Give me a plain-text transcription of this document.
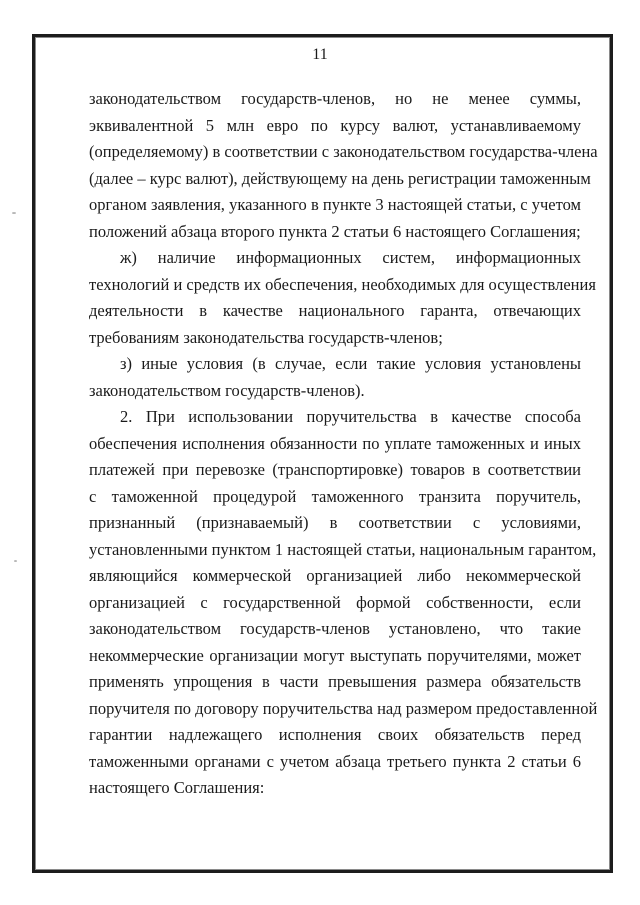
11
законодательством государств-членов, но не менее суммы,
эквивалентной 5 млн евро по курсу валют, устанавливаемому
(определяемому) в соответствии с законодательством государства-члена
(далее – курс валют), действующему на день регистрации таможенным
органом заявления, указанного в пункте 3 настоящей статьи, с учетом
положений абзаца второго пункта 2 статьи 6 настоящего Соглашения;
ж) наличие информационных систем, информационных
технологий и средств их обеспечения, необходимых для осуществления
деятельности в качестве национального гаранта, отвечающих
требованиям законодательства государств-членов;
з) иные условия (в случае, если такие условия установлены
законодательством государств-членов).
2. При использовании поручительства в качестве способа
обеспечения исполнения обязанности по уплате таможенных и иных
платежей при перевозке (транспортировке) товаров в соответствии
с таможенной процедурой таможенного транзита поручитель,
признанный (признаваемый) в соответствии с условиями,
установленными пунктом 1 настоящей статьи, национальным гарантом,
являющийся коммерческой организацией либо некоммерческой
организацией с государственной формой собственности, если
законодательством государств-членов установлено, что такие
некоммерческие организации могут выступать поручителями, может
применять упрощения в части превышения размера обязательств
поручителя по договору поручительства над размером предоставленной
гарантии надлежащего исполнения своих обязательств перед
таможенными органами с учетом абзаца третьего пункта 2 статьи 6
настоящего Соглашения:
